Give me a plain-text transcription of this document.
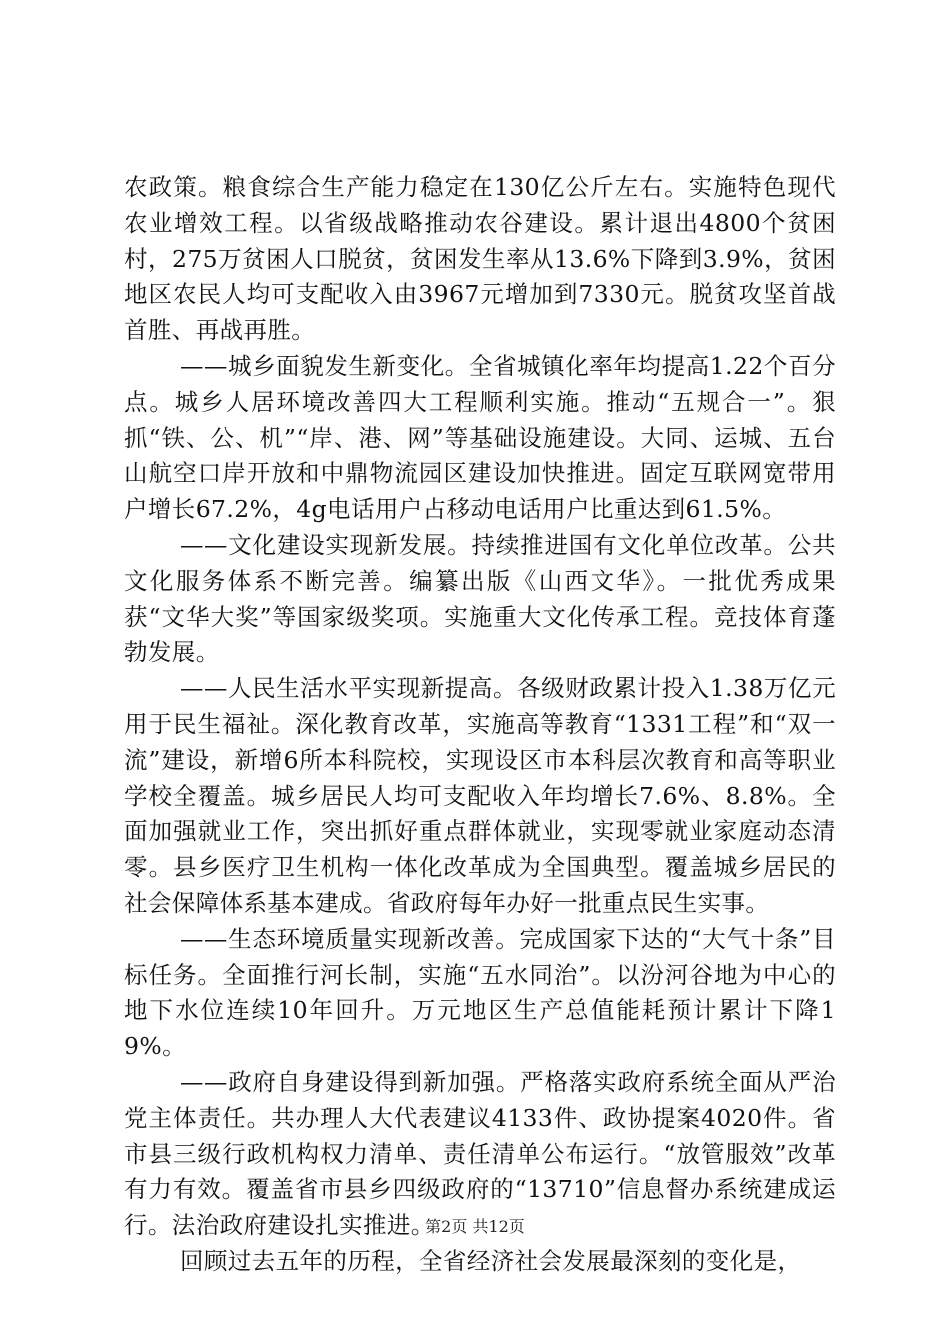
农政策。粮食综合生产能力稳定在130亿公斤左右。实施特色现代农业增效工程。以省级战略推动农谷建设。累计退出4800个贫困村，275万贫困人口脱贫，贫困发生率从13.6%下降到3.9%，贫困地区农民人均可支配收入由3967元增加到7330元。脱贫攻坚首战首胜、再战再胜。

——城乡面貌发生新变化。全省城镇化率年均提高1.22个百分点。城乡人居环境改善四大工程顺利实施。推动“五规合一”。狠抓“铁、公、机”“岸、港、网”等基础设施建设。大同、运城、五台山航空口岸开放和中鼎物流园区建设加快推进。固定互联网宽带用户增长67.2%，4g电话用户占移动电话用户比重达到61.5%。

——文化建设实现新发展。持续推进国有文化单位改革。公共文化服务体系不断完善。编纂出版《山西文华》。一批优秀成果获“文华大奖”等国家级奖项。实施重大文化传承工程。竞技体育蓬勃发展。

——人民生活水平实现新提高。各级财政累计投入1.38万亿元用于民生福祉。深化教育改革，实施高等教育“1331工程”和“双一流”建设，新增6所本科院校，实现设区市本科层次教育和高等职业学校全覆盖。城乡居民人均可支配收入年均增长7.6%、8.8%。全面加强就业工作，突出抓好重点群体就业，实现零就业家庭动态清零。县乡医疗卫生机构一体化改革成为全国典型。覆盖城乡居民的社会保障体系基本建成。省政府每年办好一批重点民生实事。

——生态环境质量实现新改善。完成国家下达的“大气十条”目标任务。全面推行河长制，实施“五水同治”。以汾河谷地为中心的地下水位连续10年回升。万元地区生产总值能耗预计累计下降19%。

——政府自身建设得到新加强。严格落实政府系统全面从严治党主体责任。共办理人大代表建议4133件、政协提案4020件。省市县三级行政机构权力清单、责任清单公布运行。“放管服效”改革有力有效。覆盖省市县乡四级政府的“13710”信息督办系统建成运行。法治政府建设扎实推进。

回顾过去五年的历程，全省经济社会发展最深刻的变化是，

第2页 共12页
